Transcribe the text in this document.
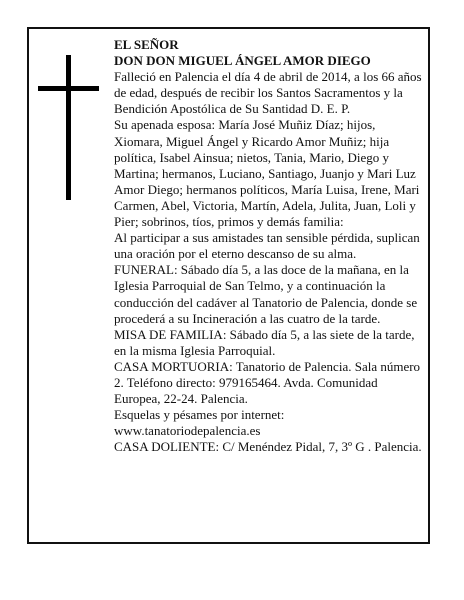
EL SEÑOR

DON DON MIGUEL ÁNGEL AMOR DIEGO

Falleció en Palencia el día 4 de abril de 2014, a los 66 años de edad, después de recibir los Santos Sacramentos y la Bendición Apostólica de Su Santidad D. E. P.

Su apenada esposa: María José Muñiz Díaz; hijos, Xiomara, Miguel Ángel y Ricardo Amor Muñiz; hija política, Isabel Ainsua; nietos, Tania, Mario, Diego y Martina; hermanos, Luciano, Santiago, Juanjo y Mari Luz Amor Diego; hermanos políticos, María Luisa, Irene, Mari Carmen, Abel, Victoria, Martín, Adela, Julita, Juan, Loli y Pier; sobrinos, tíos, primos y demás familia:

Al participar a sus amistades tan sensible pérdida, suplican una oración por el eterno descanso de su alma.

FUNERAL: Sábado día 5, a las doce de la mañana, en la Iglesia Parroquial de San Telmo, y a continuación la conducción del cadáver al Tanatorio de Palencia, donde se procederá a su Incineración a las cuatro de la tarde.

MISA DE FAMILIA: Sábado día 5, a las siete de la tarde, en la misma Iglesia Parroquial.

CASA MORTUORIA: Tanatorio de Palencia. Sala número 2. Teléfono directo: 979165464. Avda. Comunidad Europea, 22-24. Palencia.

Esquelas y pésames por internet: www.tanatoriodepalencia.es

CASA DOLIENTE: C/ Menéndez Pidal, 7, 3º G . Palencia.
